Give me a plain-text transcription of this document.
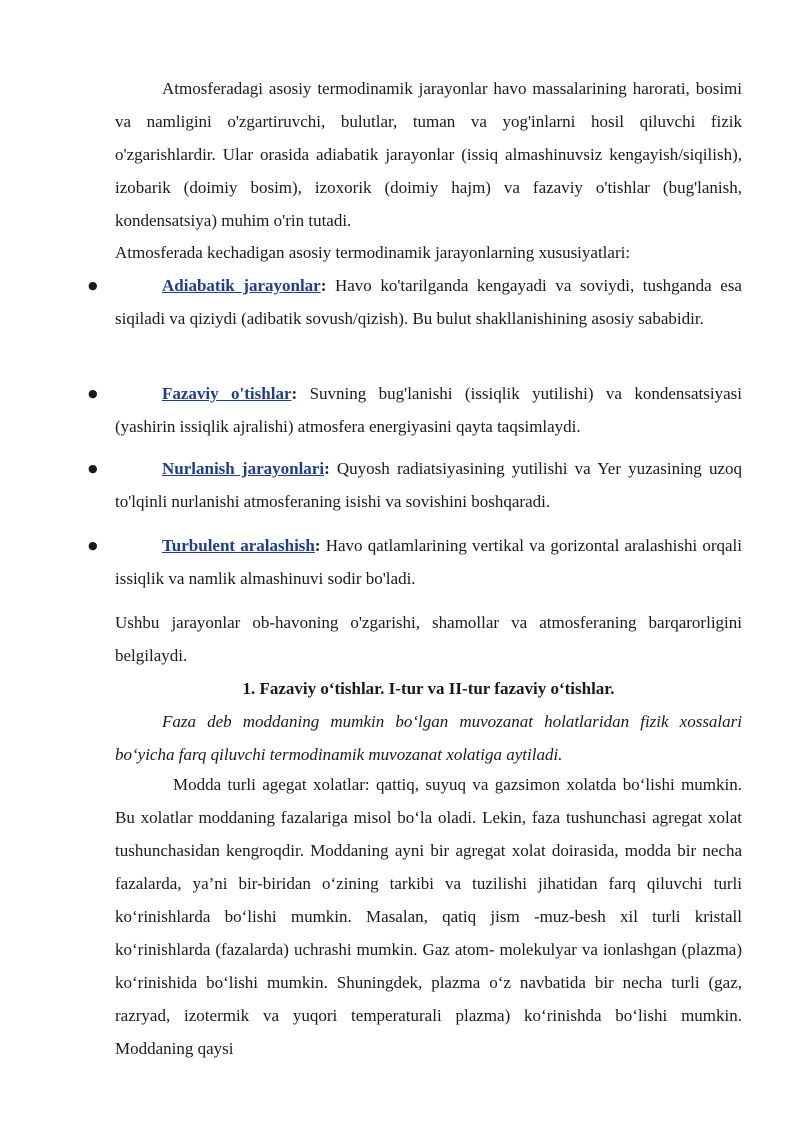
Atmosferadagi asosiy termodinamik jarayonlar havo massalarining harorati, bosimi va namligini o'zgartiruvchi, bulutlar, tuman va yog'inlarni hosil qiluvchi fizik o'zgarishlardir. Ular orasida adiabatik jarayonlar (issiq almashinuvsiz kengayish/siqilish), izobarik (doimiy bosim), izoxorik (doimiy hajm) va fazaviy o'tishlar (bug'lanish, kondensatsiya) muhim o'rin tutadi.

Atmosferada kechadigan asosiy termodinamik jarayonlarning xususiyatlari:

●	Adiabatik jarayonlar: Havo ko'tarilganda kengayadi va soviydi, tushganda esa siqiladi va qiziydi (adibatik sovush/qizish). Bu bulut shakllanishining asosiy sababidir.

●	Fazaviy o'tishlar: Suvning bug'lanishi (issiqlik yutilishi) va kondensatsiyasi (yashirin issiqlik ajralishi) atmosfera energiyasini qayta taqsimlaydi.

●	Nurlanish jarayonlari: Quyosh radiatsiyasining yutilishi va Yer yuzasining uzoq to'lqinli nurlanishi atmosferaning isishi va sovishini boshqaradi.

●	Turbulent aralashish: Havo qatlamlarining vertikal va gorizontal aralashishi orqali issiqlik va namlik almashinuvi sodir bo'ladi.

Ushbu jarayonlar ob-havoning o'zgarishi, shamollar va atmosferaning barqarorligini belgilaydi.

1. Fazaviy o‘tishlar. I-tur va II-tur fazaviy o‘tishlar.

Faza deb moddaning mumkin bo‘lgan muvozanat holatlaridan fizik xossalari bo‘yicha farq qiluvchi termodinamik muvozanat xolatiga aytiladi.

Modda turli agegat xolatlar: qattiq, suyuq va gazsimon xolatda bo‘lishi mumkin. Bu xolatlar moddaning fazalariga misol bo‘la oladi. Lekin, faza tushunchasi agregat xolat tushunchasidan kengroqdir. Moddaning ayni bir agregat xolat doirasida, modda bir necha fazalarda, ya’ni bir-biridan o‘zining tarkibi va tuzilishi jihatidan farq qiluvchi turli ko‘rinishlarda bo‘lishi mumkin. Masalan, qatiq jism -muz-besh xil turli kristall ko‘rinishlarda (fazalarda) uchrashi mumkin. Gaz atom- molekulyar va ionlashgan (plazma) ko‘rinishida bo‘lishi mumkin. Shuningdek, plazma o‘z navbatida bir necha turli (gaz, razryad, izotermik va yuqori temperaturali plazma) ko‘rinishda bo‘lishi mumkin. Moddaning qaysi
